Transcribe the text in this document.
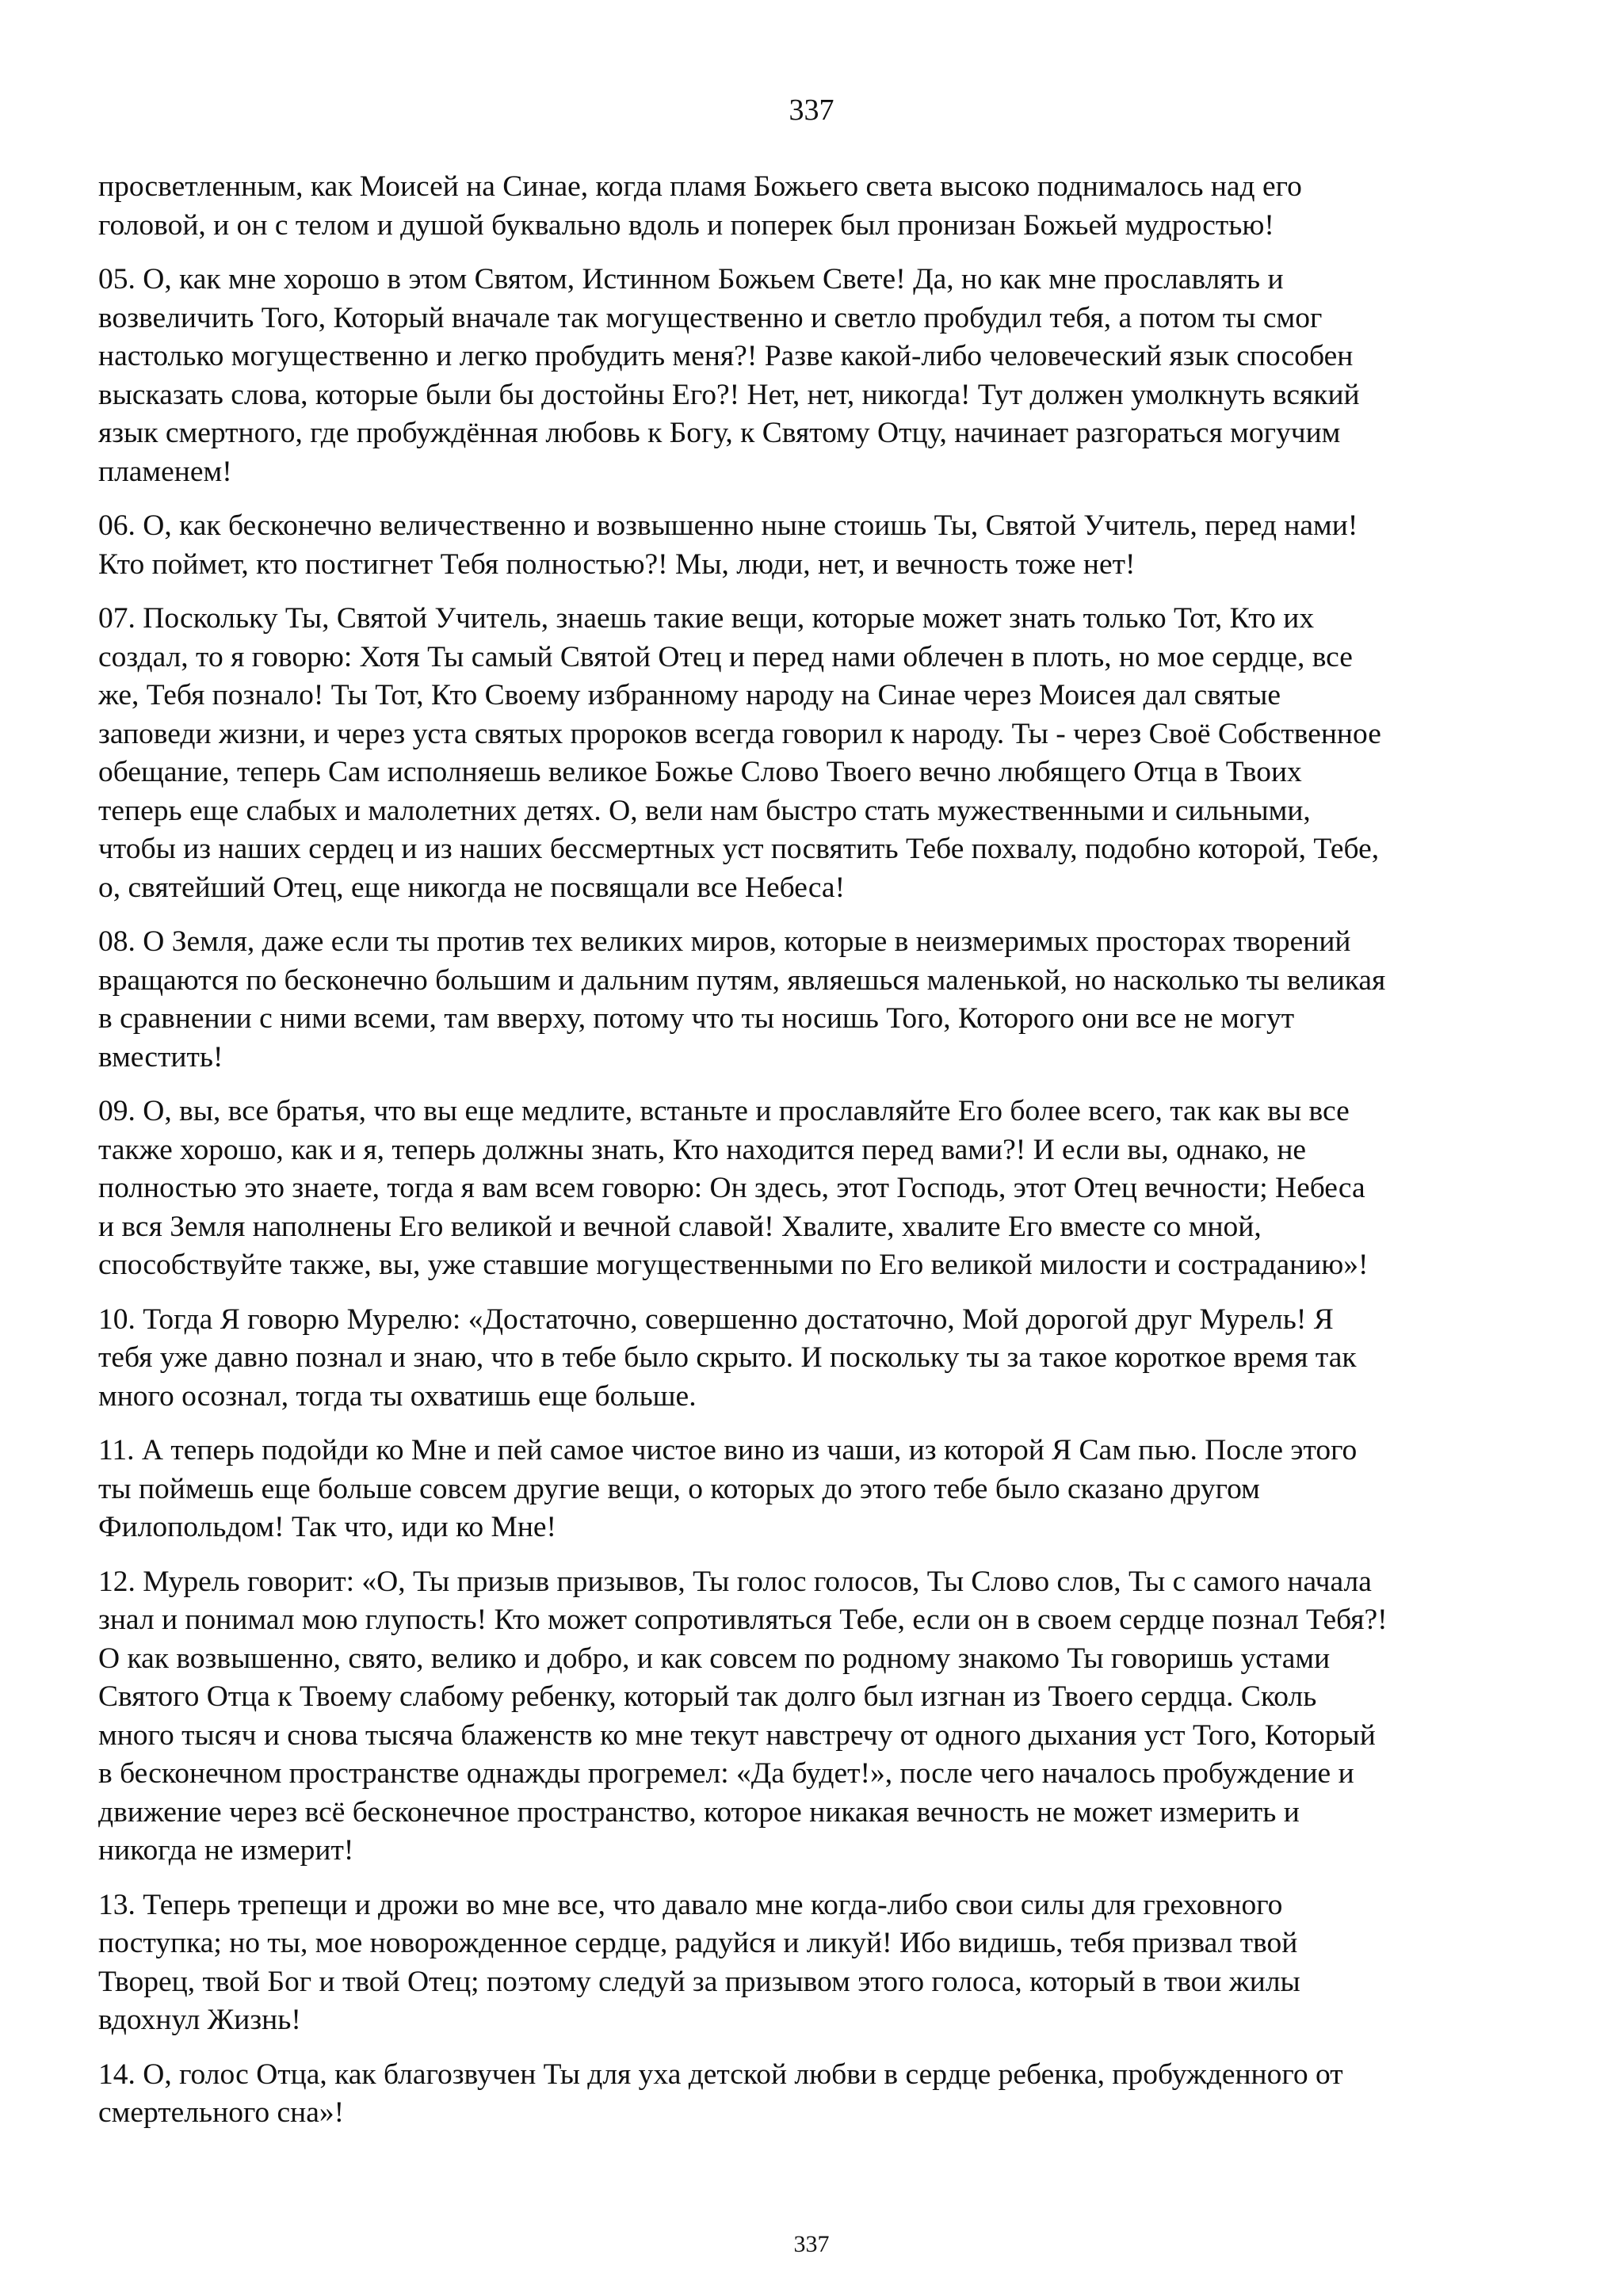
337

просветленным, как Моисей на Синае, когда пламя Божьего света высоко поднималось над его
головой, и он с телом и душой буквально вдоль и поперек был пронизан Божьей мудростью!

05. О, как мне хорошо в этом Святом, Истинном Божьем Свете! Да, но как мне прославлять и
возвеличить Того, Который вначале так могущественно и светло пробудил тебя, а потом ты смог
настолько могущественно и легко пробудить меня?! Разве какой-либо человеческий язык способен
высказать слова, которые были бы достойны Его?! Нет, нет, никогда! Тут должен умолкнуть всякий
язык смертного, где пробуждённая любовь к Богу, к Святому Отцу, начинает разгораться могучим
пламенем!

06. О, как бесконечно величественно и возвышенно ныне стоишь Ты, Святой Учитель, перед нами!
Кто поймет, кто постигнет Тебя полностью?! Мы, люди, нет, и вечность тоже нет!

07. Поскольку Ты, Святой Учитель, знаешь такие вещи, которые может знать только Тот, Кто их
создал, то я говорю: Хотя Ты самый Святой Отец и перед нами облечен в плоть, но мое сердце, все
же, Тебя познало! Ты Тот, Кто Своему избранному народу на Синае через Моисея дал святые
заповеди жизни, и через уста святых пророков всегда говорил к народу. Ты - через Своё Собственное
обещание, теперь Сам исполняешь великое Божье Слово Твоего вечно любящего Отца в Твоих
теперь еще слабых и малолетних детях. О, вели нам быстро стать мужественными и сильными,
чтобы из наших сердец и из наших бессмертных уст посвятить Тебе похвалу, подобно которой, Тебе,
о, святейший Отец, еще никогда не посвящали все Небеса!

08. О Земля, даже если ты против тех великих миров, которые в неизмеримых просторах творений
вращаются по бесконечно большим и дальним путям, являешься маленькой, но насколько ты великая
в сравнении с ними всеми, там вверху, потому что ты носишь Того, Которого они все не могут
вместить!

09. О, вы, все братья, что вы еще медлите, встаньте и прославляйте Его более всего, так как вы все
также хорошо, как и я, теперь должны знать, Кто находится перед вами?! И если вы, однако, не
полностью это знаете, тогда я вам всем говорю: Он здесь, этот Господь, этот Отец вечности; Небеса
и вся Земля наполнены Его великой и вечной славой! Хвалите, хвалите Его вместе со мной,
способствуйте также, вы, уже ставшие могущественными по Его великой милости и состраданию»!

10. Тогда Я говорю Мурелю: «Достаточно, совершенно достаточно, Мой дорогой друг Мурель! Я
тебя уже давно познал и знаю, что в тебе было скрыто. И поскольку ты за такое короткое время так
много осознал, тогда ты охватишь еще больше.

11. А теперь подойди ко Мне и пей самое чистое вино из чаши, из которой Я Сам пью. После этого
ты поймешь еще больше совсем другие вещи, о которых до этого тебе было сказано другом
Филопольдом! Так что, иди ко Мне!

12. Мурель говорит: «О, Ты призыв призывов, Ты голос голосов, Ты Слово слов, Ты с самого начала
знал и понимал мою глупость! Кто может сопротивляться Тебе, если он в своем сердце познал Тебя?!
О как возвышенно, свято, велико и добро, и как совсем по родному знакомо Ты говоришь устами
Святого Отца к Твоему слабому ребенку, который так долго был изгнан из Твоего сердца. Сколь
много тысяч и снова тысяча блаженств ко мне текут навстречу от одного дыхания уст Того, Который
в бесконечном пространстве однажды прогремел: «Да будет!», после чего началось пробуждение и
движение через всё бесконечное пространство, которое никакая вечность не может измерить и
никогда не измерит!

13. Теперь трепещи и дрожи во мне все, что давало мне когда-либо свои силы для греховного
поступка; но ты, мое новорожденное сердце, радуйся и ликуй! Ибо видишь, тебя призвал твой
Творец, твой Бог и твой Отец; поэтому следуй за призывом этого голоса, который в твои жилы
вдохнул Жизнь!

14. О, голос Отца, как благозвучен Ты для уха детской любви в сердце ребенка, пробужденного от
смертельного сна»!

337
